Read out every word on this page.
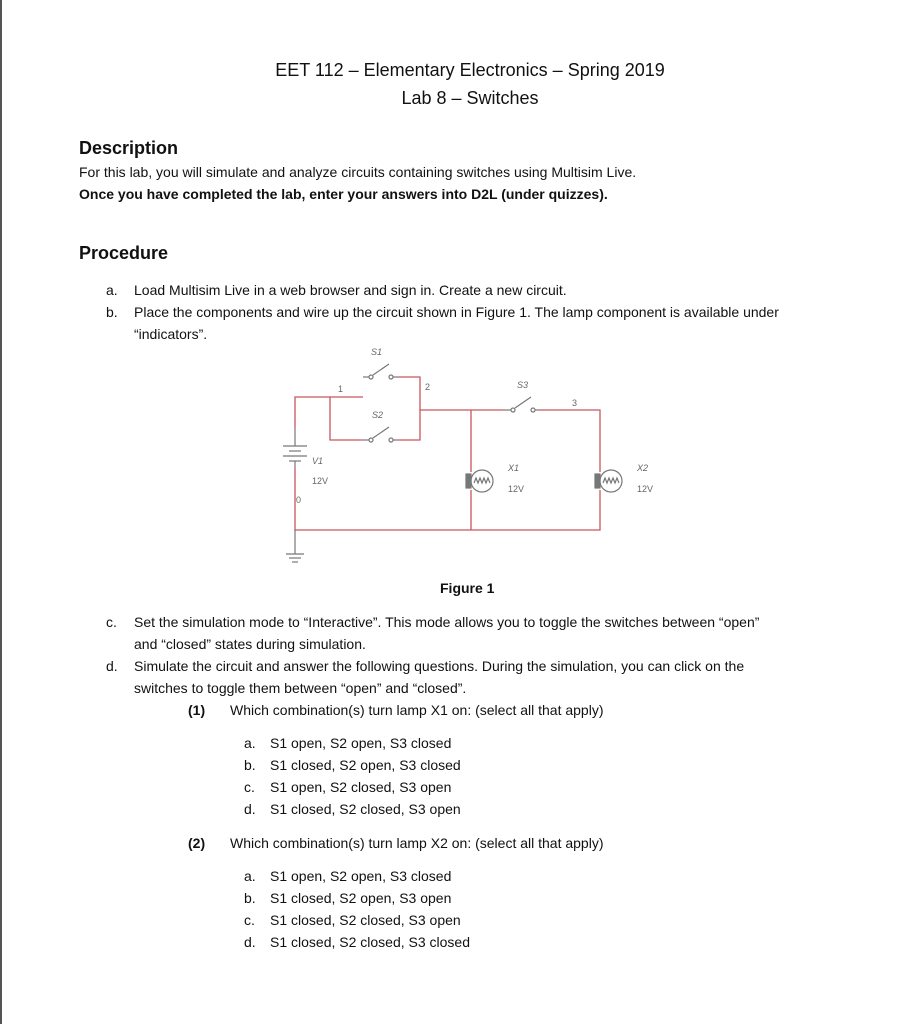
EET 112 – Elementary Electronics – Spring 2019
Lab 8 – Switches
Description
For this lab, you will simulate and analyze circuits containing switches using Multisim Live.
Once you have completed the lab, enter your answers into D2L (under quizzes).
Procedure
a. Load Multisim Live in a web browser and sign in. Create a new circuit.
b. Place the components and wire up the circuit shown in Figure 1. The lamp component is available under
“indicators”.
S1
S2
S3
V1
12V
X1
12V
X2
12V
0
1	2
3
Figure 1
c. Set the simulation mode to “Interactive”. This mode allows you to toggle the switches between “open”
and “closed” states during simulation.
d. Simulate the circuit and answer the following questions. During the simulation, you can click on the
switches to toggle them between “open” and “closed”.
(1) Which combination(s) turn lamp X1 on: (select all that apply)
a. S1 open, S2 open, S3 closed
b. S1 closed, S2 open, S3 closed
c. S1 open, S2 closed, S3 open
d. S1 closed, S2 closed, S3 open
(2) Which combination(s) turn lamp X2 on: (select all that apply)
a. S1 open, S2 open, S3 closed
b. S1 closed, S2 open, S3 open
c. S1 closed, S2 closed, S3 open
d. S1 closed, S2 closed, S3 closed
